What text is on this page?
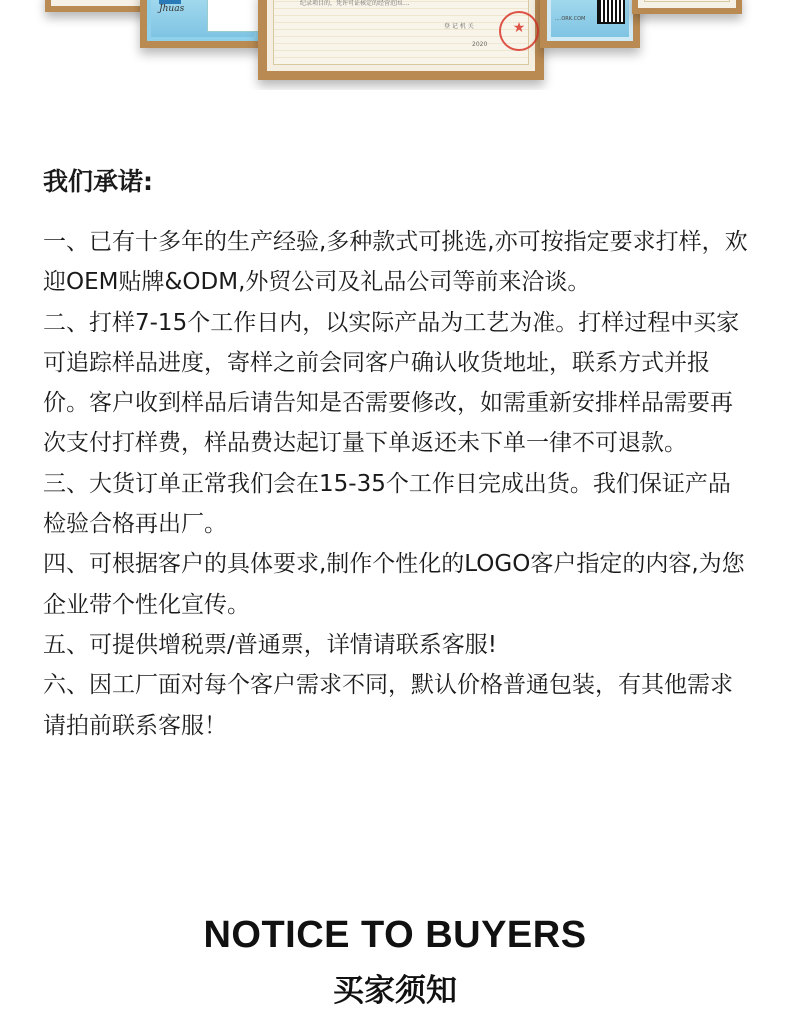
Jhuas
纪录项目的，凭许可证核定的经营范围....
登 记 机 关
2020
★
....ORK.COM
我们承诺:
一、已有十多年的生产经验,多种款式可挑选,亦可按指定要求打样，欢迎OEM贴牌&ODM,外贸公司及礼品公司等前来洽谈。
二、打样7-15个工作日内，以实际产品为工艺为准。打样过程中买家可追踪样品进度，寄样之前会同客户确认收货地址，联系方式并报价。客户收到样品后请告知是否需要修改，如需重新安排样品需要再次支付打样费，样品费达起订量下单返还未下单一律不可退款。
三、大货订单正常我们会在15-35个工作日完成出货。我们保证产品检验合格再出厂。
四、可根据客户的具体要求,制作个性化的LOGO客户指定的内容,为您企业带个性化宣传。
五、可提供增税票/普通票，详情请联系客服!
六、因工厂面对每个客户需求不同，默认价格普通包装，有其他需求请拍前联系客服！
NOTICE TO BUYERS
买家须知
